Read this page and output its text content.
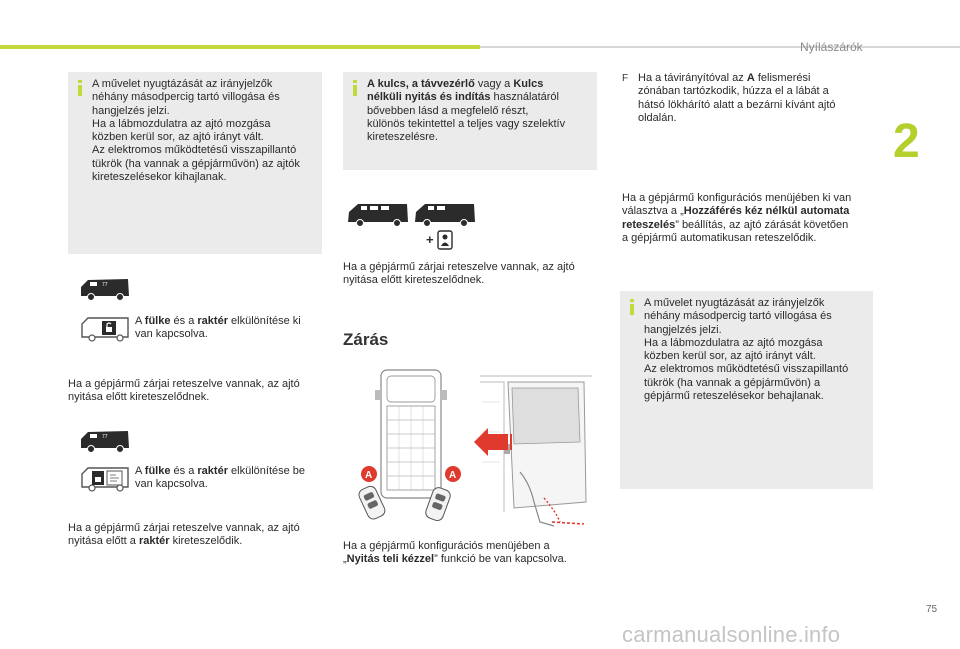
Nyílászárók
2
A művelet nyugtázását az irányjelzők
néhány másodpercig tartó villogása és
hangjelzés jelzi.
Ha a lábmozdulatra az ajtó mozgása
közben kerül sor, az ajtó irányt vált.
Az elektromos működtetésű visszapillantó
tükrök (ha vannak a gépjárművön) az ajtók
kireteszelésekor kihajlanak.
77
A fülke és a raktér elkülönítése ki
van kapcsolva.
Ha a gépjármű zárjai reteszelve vannak, az ajtó
nyitása előtt kireteszelődnek.
77
A fülke és a raktér elkülönítése be
van kapcsolva.
Ha a gépjármű zárjai reteszelve vannak, az ajtó
nyitása előtt a raktér kireteszelődik.
A kulcs, a távvezérlő vagy a Kulcs
nélküli nyitás és indítás használatáról
bővebben lásd a megfelelő részt,
különös tekintettel a teljes vagy szelektív
kireteszelésre.
+
Ha a gépjármű zárjai reteszelve vannak, az ajtó
nyitása előtt kireteszelődnek.
Zárás
A	A
Ha a gépjármű konfigurációs menüjében a
„Nyitás teli kézzel” funkció be van kapcsolva.
F Ha a távirányítóval az A felismerési
zónában tartózkodik, húzza el a lábát a
hátsó lökhárító alatt a bezárni kívánt ajtó
oldalán.
Ha a gépjármű konfigurációs menüjében ki van
választva a „Hozzáférés kéz nélkül automata
reteszelés” beállítás, az ajtó zárását követően
a gépjármű automatikusan reteszelődik.
A művelet nyugtázását az irányjelzők
néhány másodpercig tartó villogása és
hangjelzés jelzi.
Ha a lábmozdulatra az ajtó mozgása
közben kerül sor, az ajtó irányt vált.
Az elektromos működtetésű visszapillantó
tükrök (ha vannak a gépjárművön) a
gépjármű reteszelésekor behajlanak.
75
carmanualsonline.info
